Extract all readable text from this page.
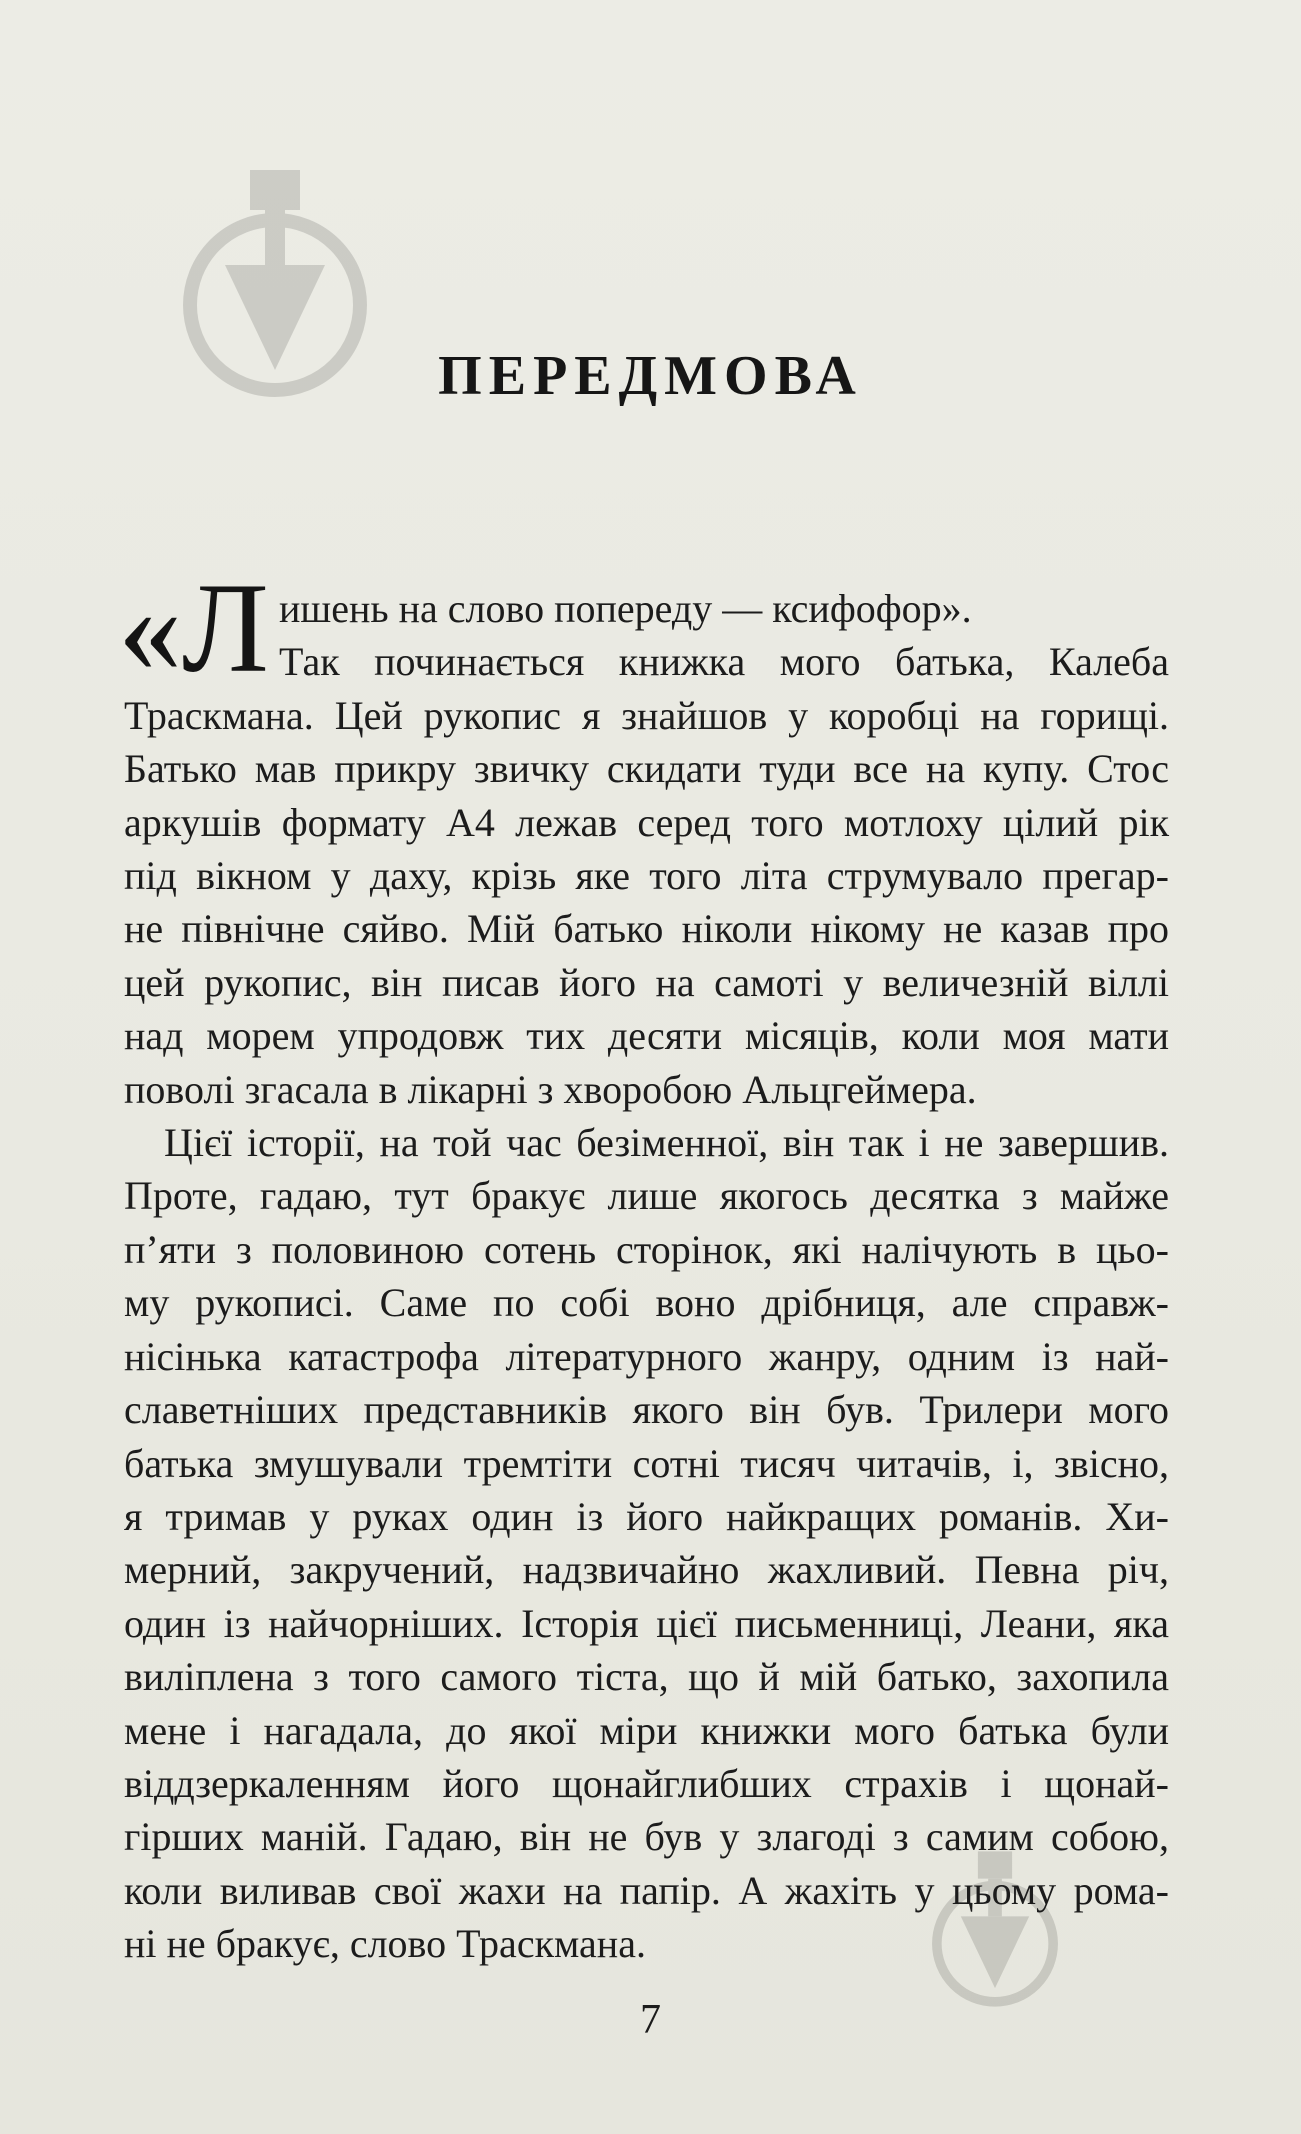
ПЕРЕДМОВА

«Л ишень на слово попереду — ксифофор».
Так починається книжка мого батька, Калеба
Трaскмана. Цей рукопис я знайшов у коробці на горищі.
Батько мав прикру звичку скидати туди все на купу. Стос
аркушів формату А4 лежав серед того мотлоху цілий рік
під вікном у даху, крізь яке того літа струмувало прегар-
не північне сяйво. Мій батько ніколи нікому не казав про
цей рукопис, він писав його на самоті у величезній віллі
над морем упродовж тих десяти місяців, коли моя мати
поволі згасала в лікарні з хворобою Альцгеймера.

Цієї історії, на той час безіменної, він так і не завершив.
Проте, гадаю, тут бракує лише якогось десятка з майже
п’яти з половиною сотень сторінок, які налічують в цьо-
му рукописі. Саме по собі воно дрібниця, але справж-
нісінька катастрофа літературного жанру, одним із най-
славетніших представників якого він був. Трилери мого
батька змушували тремтіти сотні тисяч читачів, і, звісно,
я тримав у руках один із його найкращих романів. Хи-
мерний, закручений, надзвичайно жахливий. Певна річ,
один із найчорніших. Історія цієї письменниці, Леани, яка
виліплена з того самого тіста, що й мій батько, захопила
мене і нагадала, до якої міри книжки мого батька були
віддзеркаленням його щонайглибших страхів і щонай-
гірших маній. Гадаю, він не був у злагоді з самим собою,
коли виливав свої жахи на папір. А жахіть у цьому рома-
ні не бракує, слово Трaскмана.

7
